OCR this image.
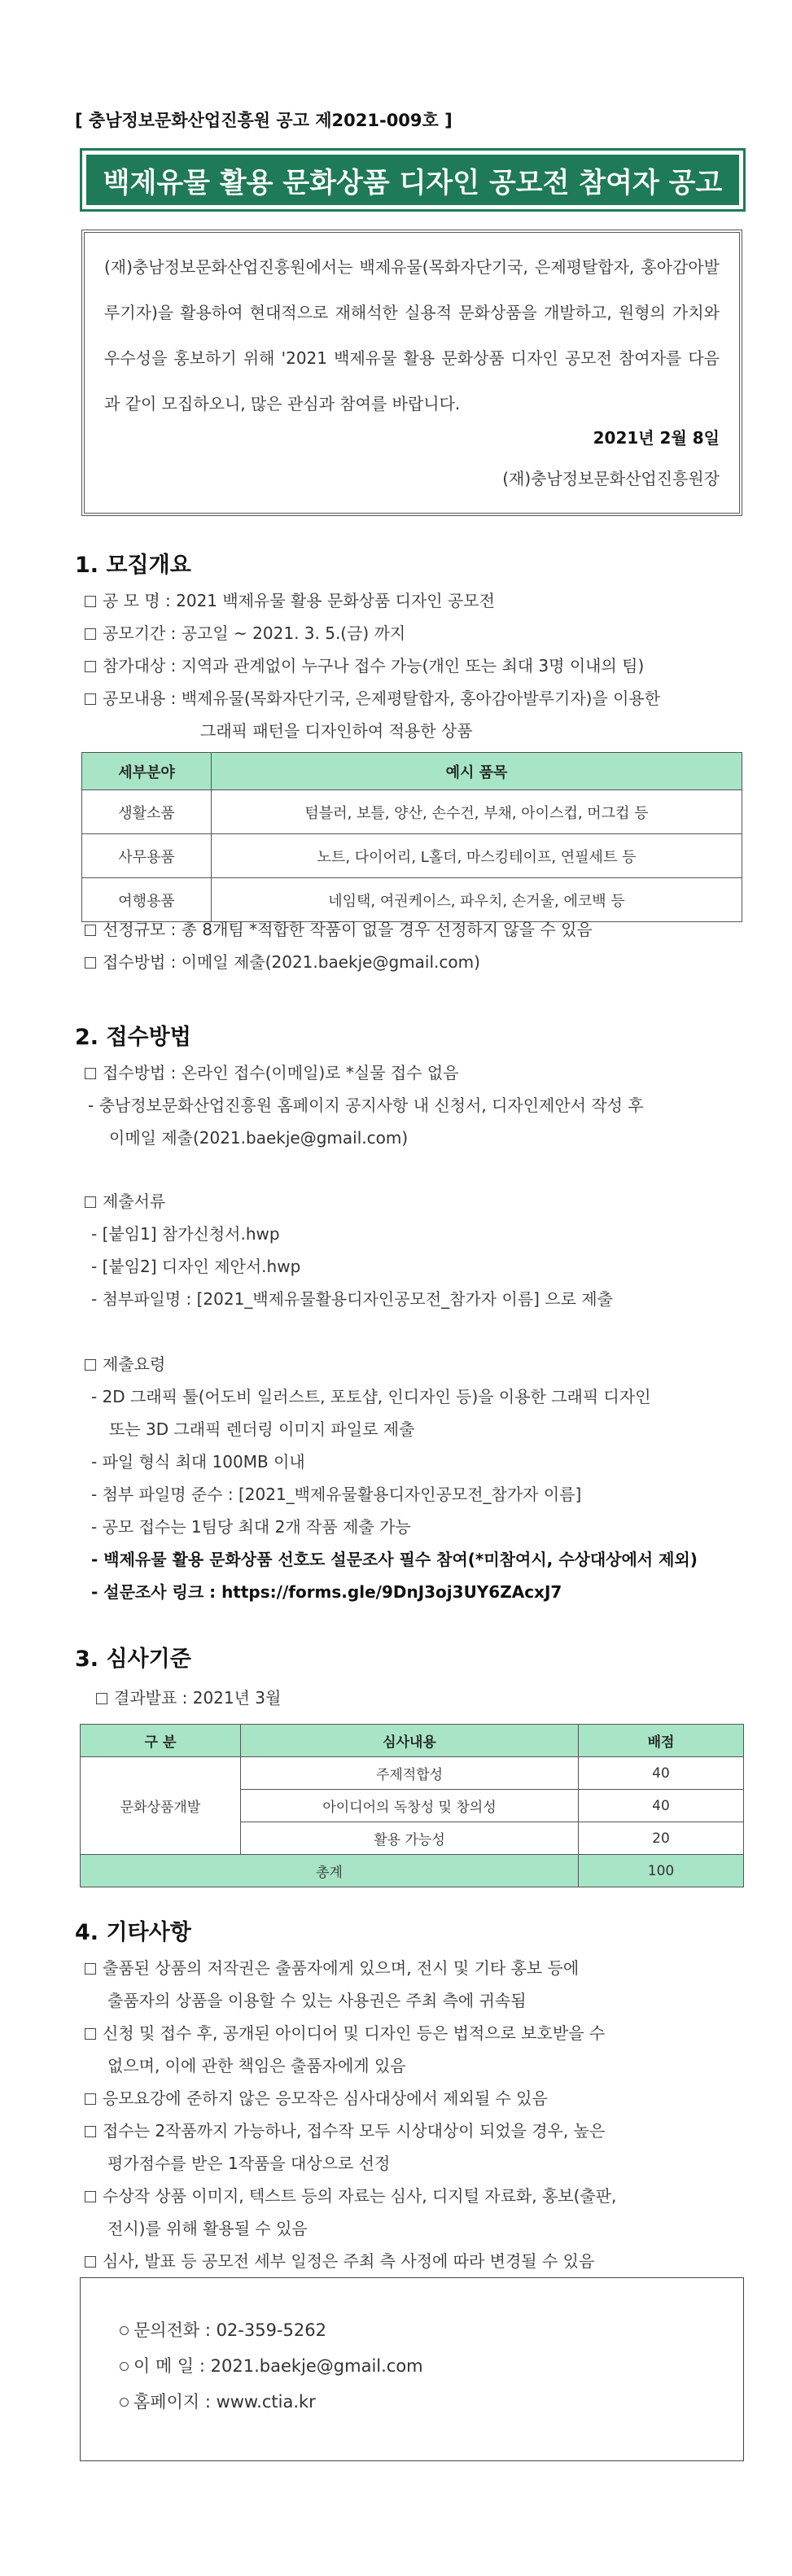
[ 충남정보문화산업진흥원 공고 제2021-009호 ]
백제유물 활용 문화상품 디자인 공모전 참여자 공고
(재)충남정보문화산업진흥원에서는 백제유물(목화자단기국, 은제평탈합자, 홍아감아발루기자)을 활용하여 현대적으로 재해석한 실용적 문화상품을 개발하고, 원형의 가치와 우수성을 홍보하기 위해 '2021 백제유물 활용 문화상품 디자인 공모전 참여자를 다음과 같이 모집하오니, 많은 관심과 참여를 바랍니다.
2021년 2월 8일
(재)충남정보문화산업진흥원장
1. 모집개요
공 모 명 : 2021 백제유물 활용 문화상품 디자인 공모전
공모기간 : 공고일 ~ 2021. 3. 5.(금) 까지
참가대상 : 지역과 관계없이 누구나 접수 가능(개인 또는 최대 3명 이내의 팀)
공모내용 : 백제유물(목화자단기국, 은제평탈합자, 홍아감아발루기자)을 이용한
그래픽 패턴을 디자인하여 적용한 상품
세부분야	예시 품목
생활소품	텀블러, 보틀, 양산, 손수건, 부채, 아이스컵, 머그컵 등
사무용품	노트, 다이어리, L홀더, 마스킹테이프, 연필세트 등
여행용품	네임택, 여권케이스, 파우치, 손거울, 에코백 등
선정규모 : 총 8개팀 *적합한 작품이 없을 경우 선정하지 않을 수 있음
접수방법 : 이메일 제출(2021.baekje@gmail.com)
2. 접수방법
접수방법 : 온라인 접수(이메일)로 *실물 접수 없음
- 충남정보문화산업진흥원 홈페이지 공지사항 내 신청서, 디자인제안서 작성 후
이메일 제출(2021.baekje@gmail.com)
제출서류
- [붙임1] 참가신청서.hwp
- [붙임2] 디자인 제안서.hwp
- 첨부파일명 : [2021_백제유물활용디자인공모전_참가자 이름] 으로 제출
제출요령
- 2D 그래픽 툴(어도비 일러스트, 포토샵, 인디자인 등)을 이용한 그래픽 디자인
또는 3D 그래픽 렌더링 이미지 파일로 제출
- 파일 형식 최대 100MB 이내
- 첨부 파일명 준수 : [2021_백제유물활용디자인공모전_참가자 이름]
- 공모 접수는 1팀당 최대 2개 작품 제출 가능
- 백제유물 활용 문화상품 선호도 설문조사 필수 참여(*미참여시, 수상대상에서 제외)
- 설문조사 링크 : https://forms.gle/9DnJ3oj3UY6ZAcxJ7
3. 심사기준
결과발표 : 2021년 3월
구 분	심사내용	배점
문화상품개발	주제적합성	40
	아이디어의 독창성 및 창의성	40
	활용 가능성	20
총계		100
4. 기타사항
출품된 상품의 저작권은 출품자에게 있으며, 전시 및 기타 홍보 등에
출품자의 상품을 이용할 수 있는 사용권은 주최 측에 귀속됨
신청 및 접수 후, 공개된 아이디어 및 디자인 등은 법적으로 보호받을 수
없으며, 이에 관한 책임은 출품자에게 있음
응모요강에 준하지 않은 응모작은 심사대상에서 제외될 수 있음
접수는 2작품까지 가능하나, 접수작 모두 시상대상이 되었을 경우, 높은
평가점수를 받은 1작품을 대상으로 선정
수상작 상품 이미지, 텍스트 등의 자료는 심사, 디지털 자료화, 홍보(출판,
전시)를 위해 활용될 수 있음
심사, 발표 등 공모전 세부 일정은 주최 측 사정에 따라 변경될 수 있음
문의전화 : 02-359-5262
이 메 일 : 2021.baekje@gmail.com
홈페이지 : www.ctia.kr
